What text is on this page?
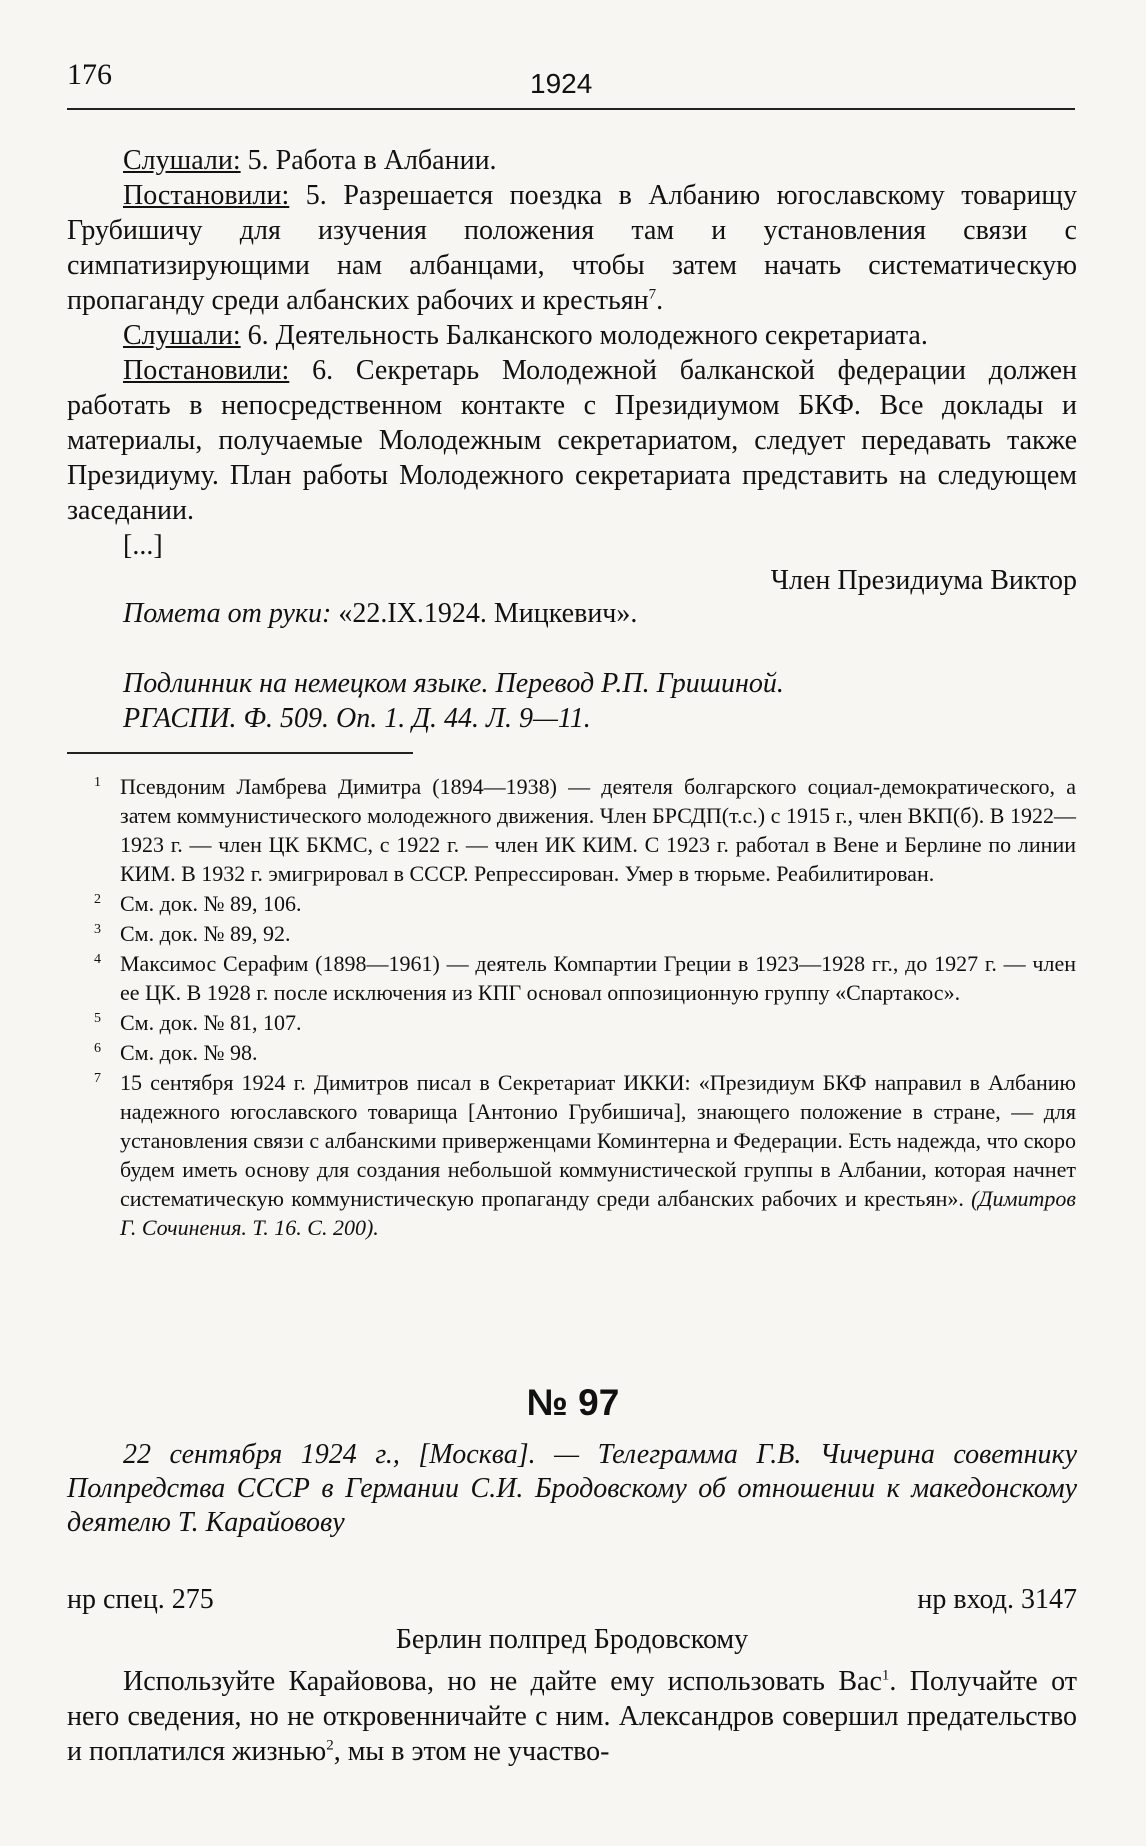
176	1924

Слушали: 5. Работа в Албании.

Постановили: 5. Разрешается поездка в Албанию югославскому товарищу Грубишичу для изучения положения там и установления связи с симпатизирующими нам албанцами, чтобы затем начать систематическую пропаганду среди албанских рабочих и крестьян$^7$.

Слушали: 6. Деятельность Балканского молодежного секретариата.

Постановили: 6. Секретарь Молодежной балканской федерации должен работать в непосредственном контакте с Президиумом БКФ. Все доклады и материалы, получаемые Молодежным секретариатом, следует передавать также Президиуму. План работы Молодежного секретариата представить на следующем заседании.

[...]

Член Президиума Виктор

Помета от руки: «22.IX.1924. Мицкевич».

Подлинник на немецком языке. Перевод Р.П. Гришиной.

РГАСПИ. Ф. 509. Оп. 1. Д. 44. Л. 9—11.

1 Псевдоним Ламбрева Димитра (1894—1938) — деятеля болгарского социал-демократического, а затем коммунистического молодежного движения. Член БРСДП(т.с.) с 1915 г., член ВКП(б). В 1922—1923 г. — член ЦК БКМС, с 1922 г. — член ИК КИМ. С 1923 г. работал в Вене и Берлине по линии КИМ. В 1932 г. эмигрировал в СССР. Репрессирован. Умер в тюрьме. Реабилитирован.

2 См. док. № 89, 106.

3 См. док. № 89, 92.

4 Максимос Серафим (1898—1961) — деятель Компартии Греции в 1923—1928 гг., до 1927 г. — член ее ЦК. В 1928 г. после исключения из КПГ основал оппозиционную группу «Спартакос».

5 См. док. № 81, 107.

6 См. док. № 98.

7 15 сентября 1924 г. Димитров писал в Секретариат ИККИ: «Президиум БКФ направил в Албанию надежного югославского товарища [Антонио Грубишича], знающего положение в стране, — для установления связи с албанскими приверженцами Коминтерна и Федерации. Есть надежда, что скоро будем иметь основу для создания небольшой коммунистической группы в Албании, которая начнет систематическую коммунистическую пропаганду среди албанских рабочих и крестьян». (Димитров Г. Сочинения. Т. 16. С. 200).

№ 97

22 сентября 1924 г., [Москва]. — Телеграмма Г.В. Чичерина советнику Полпредства СССР в Германии С.И. Бродовскому об отношении к македонскому деятелю Т. Карайовову

нр спец. 275	нр вход. 3147

Берлин полпред Бродовскому

Используйте Карайовова, но не дайте ему использовать Вас$^1$. Получайте от него сведения, но не откровенничайте с ним. Александров совершил предательство и поплатился жизнью$^2$, мы в этом не участво-
